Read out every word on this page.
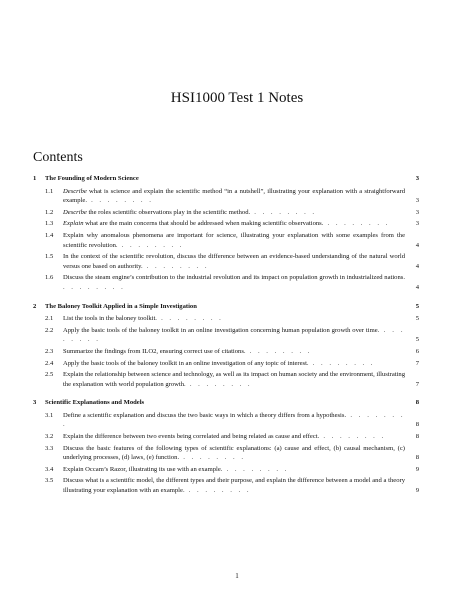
HSI1000 Test 1 Notes
Contents
1	The Founding of Modern Science	3
1.1 Describe what is science and explain the scientific method “in a nutshell”, illustrating your explanation with a straightforward example. . . . . . . . .	3
1.2 Describe the roles scientific observations play in the scientific method. . . . . . . . .	3
1.3 Explain what are the main concerns that should be addressed when making scientific observations. . . . . . . . .	3
1.4 Explain why anomalous phenomena are important for science, illustrating your explanation with some examples from the scientific revolution. . . . . . . . .	4
1.5 In the context of the scientific revolution, discuss the difference between an evidence-based understanding of the natural world versus one based on authority. . . . . . . . .	4
1.6 Discuss the steam engine’s contribution to the industrial revolution and its impact on population growth in industrialized nations. . . . . . . . .	4
2	The Baloney Toolkit Applied in a Simple Investigation	5
2.1 List the tools in the baloney toolkit. . . . . . . . .	5
2.2 Apply the basic tools of the baloney toolkit in an online investigation concerning human population growth over time. . . . . . . . .	5
2.3 Summarize the findings from ILO2, ensuring correct use of citations. . . . . . . . .	6
2.4 Apply the basic tools of the baloney toolkit in an online investigation of any topic of interest. . . . . . . . .	7
2.5 Explain the relationship between science and technology, as well as its impact on human society and the environment, illustrating the explanation with world population growth. . . . . . . . .	7
3	Scientific Explanations and Models	8
3.1 Define a scientific explanation and discuss the two basic ways in which a theory differs from a hypothesis. . . . . . . . .	8
3.2 Explain the difference between two events being correlated and being related as cause and effect. . . . . . . . .	8
3.3 Discuss the basic features of the following types of scientific explanations: (a) cause and effect, (b) causal mechanism, (c) underlying processes, (d) laws, (e) function. . . . . . . . .	8
3.4 Explain Occam’s Razor, illustrating its use with an example. . . . . . . . .	9
3.5 Discuss what is a scientific model, the different types and their purpose, and explain the difference between a model and a theory illustrating your explanation with an example. . . . . . . . .	9
1
